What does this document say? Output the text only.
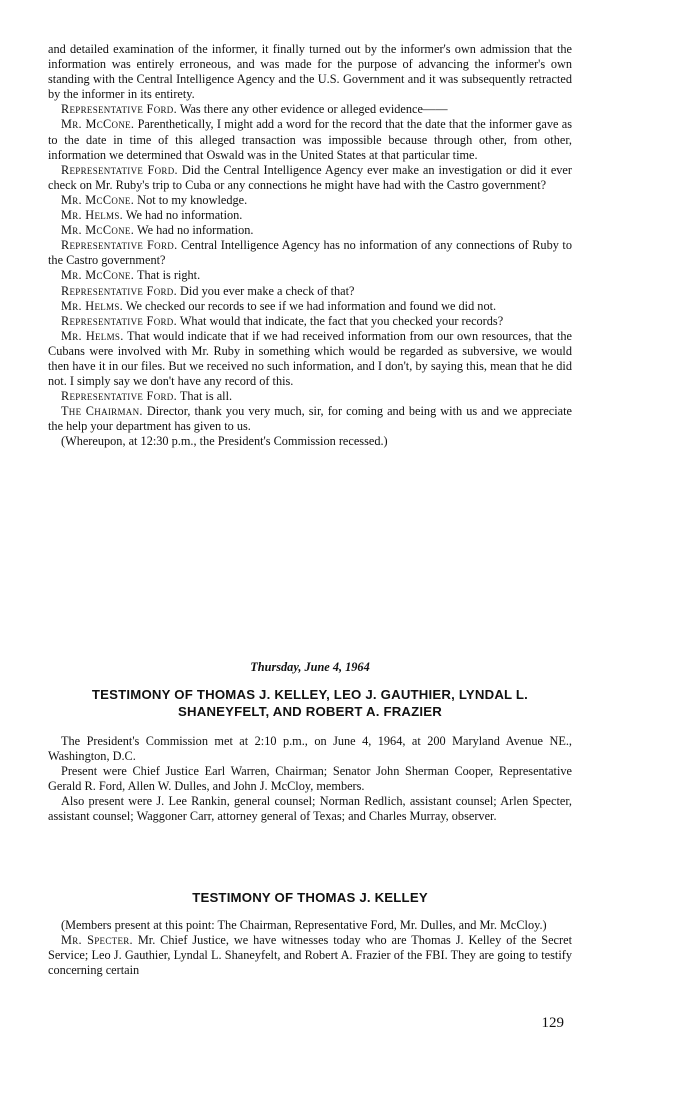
and detailed examination of the informer, it finally turned out by the informer's own admission that the information was entirely erroneous, and was made for the purpose of advancing the informer's own standing with the Central Intelligence Agency and the U.S. Government and it was subsequently retracted by the informer in its entirety.

Representative Ford. Was there any other evidence or alleged evidence——

Mr. McCone. Parenthetically, I might add a word for the record that the date that the informer gave as to the date in time of this alleged transaction was impossible because through other, from other, information we determined that Oswald was in the United States at that particular time.

Representative Ford. Did the Central Intelligence Agency ever make an investigation or did it ever check on Mr. Ruby's trip to Cuba or any connections he might have had with the Castro government?

Mr. McCone. Not to my knowledge.

Mr. Helms. We had no information.

Mr. McCone. We had no information.

Representative Ford. Central Intelligence Agency has no information of any connections of Ruby to the Castro government?

Mr. McCone. That is right.

Representative Ford. Did you ever make a check of that?

Mr. Helms. We checked our records to see if we had information and found we did not.

Representative Ford. What would that indicate, the fact that you checked your records?

Mr. Helms. That would indicate that if we had received information from our own resources, that the Cubans were involved with Mr. Ruby in something which would be regarded as subversive, we would then have it in our files. But we received no such information, and I don't, by saying this, mean that he did not. I simply say we don't have any record of this.

Representative Ford. That is all.

The Chairman. Director, thank you very much, sir, for coming and being with us and we appreciate the help your department has given to us.

(Whereupon, at 12:30 p.m., the President's Commission recessed.)

Thursday, June 4, 1964
TESTIMONY OF THOMAS J. KELLEY, LEO J. GAUTHIER, LYNDAL L.
SHANEYFELT, AND ROBERT A. FRAZIER

The President's Commission met at 2:10 p.m., on June 4, 1964, at 200 Maryland Avenue NE., Washington, D.C.

Present were Chief Justice Earl Warren, Chairman; Senator John Sherman Cooper, Representative Gerald R. Ford, Allen W. Dulles, and John J. McCloy, members.

Also present were J. Lee Rankin, general counsel; Norman Redlich, assistant counsel; Arlen Specter, assistant counsel; Waggoner Carr, attorney general of Texas; and Charles Murray, observer.

TESTIMONY OF THOMAS J. KELLEY

(Members present at this point: The Chairman, Representative Ford, Mr. Dulles, and Mr. McCloy.)

Mr. Specter. Mr. Chief Justice, we have witnesses today who are Thomas J. Kelley of the Secret Service; Leo J. Gauthier, Lyndal L. Shaneyfelt, and Robert A. Frazier of the FBI. They are going to testify concerning certain

129
